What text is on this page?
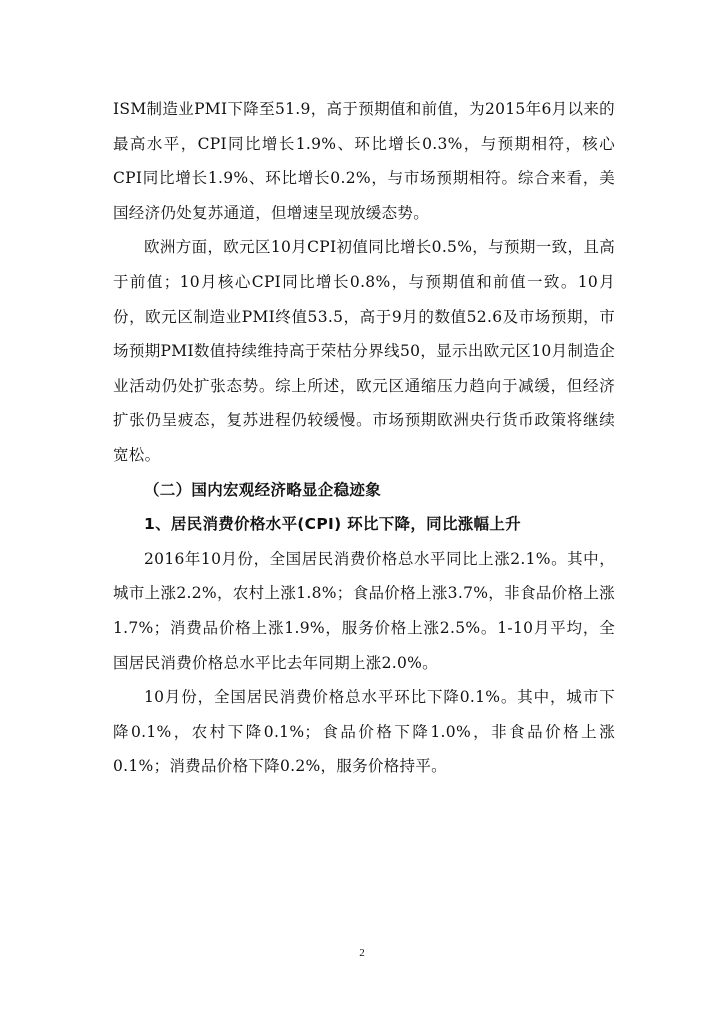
ISM制造业PMI下降至51.9，高于预期值和前值，为2015年6月以来的最高水平，CPI同比增长1.9%、环比增长0.3%，与预期相符，核心CPI同比增长1.9%、环比增长0.2%，与市场预期相符。综合来看，美国经济仍处复苏通道，但增速呈现放缓态势。

欧洲方面，欧元区10月CPI初值同比增长0.5%，与预期一致，且高于前值；10月核心CPI同比增长0.8%，与预期值和前值一致。10月份，欧元区制造业PMI终值53.5，高于9月的数值52.6及市场预期，市场预期PMI数值持续维持高于荣枯分界线50，显示出欧元区10月制造企业活动仍处扩张态势。综上所述，欧元区通缩压力趋向于减缓，但经济扩张仍呈疲态，复苏进程仍较缓慢。市场预期欧洲央行货币政策将继续宽松。

（二）国内宏观经济略显企稳迹象

1、居民消费价格水平(CPI) 环比下降，同比涨幅上升

2016年10月份，全国居民消费价格总水平同比上涨2.1%。其中，城市上涨2.2%，农村上涨1.8%；食品价格上涨3.7%，非食品价格上涨1.7%；消费品价格上涨1.9%，服务价格上涨2.5%。1-10月平均，全国居民消费价格总水平比去年同期上涨2.0%。

10月份，全国居民消费价格总水平环比下降0.1%。其中，城市下降0.1%，农村下降0.1%；食品价格下降1.0%，非食品价格上涨0.1%；消费品价格下降0.2%，服务价格持平。

2
